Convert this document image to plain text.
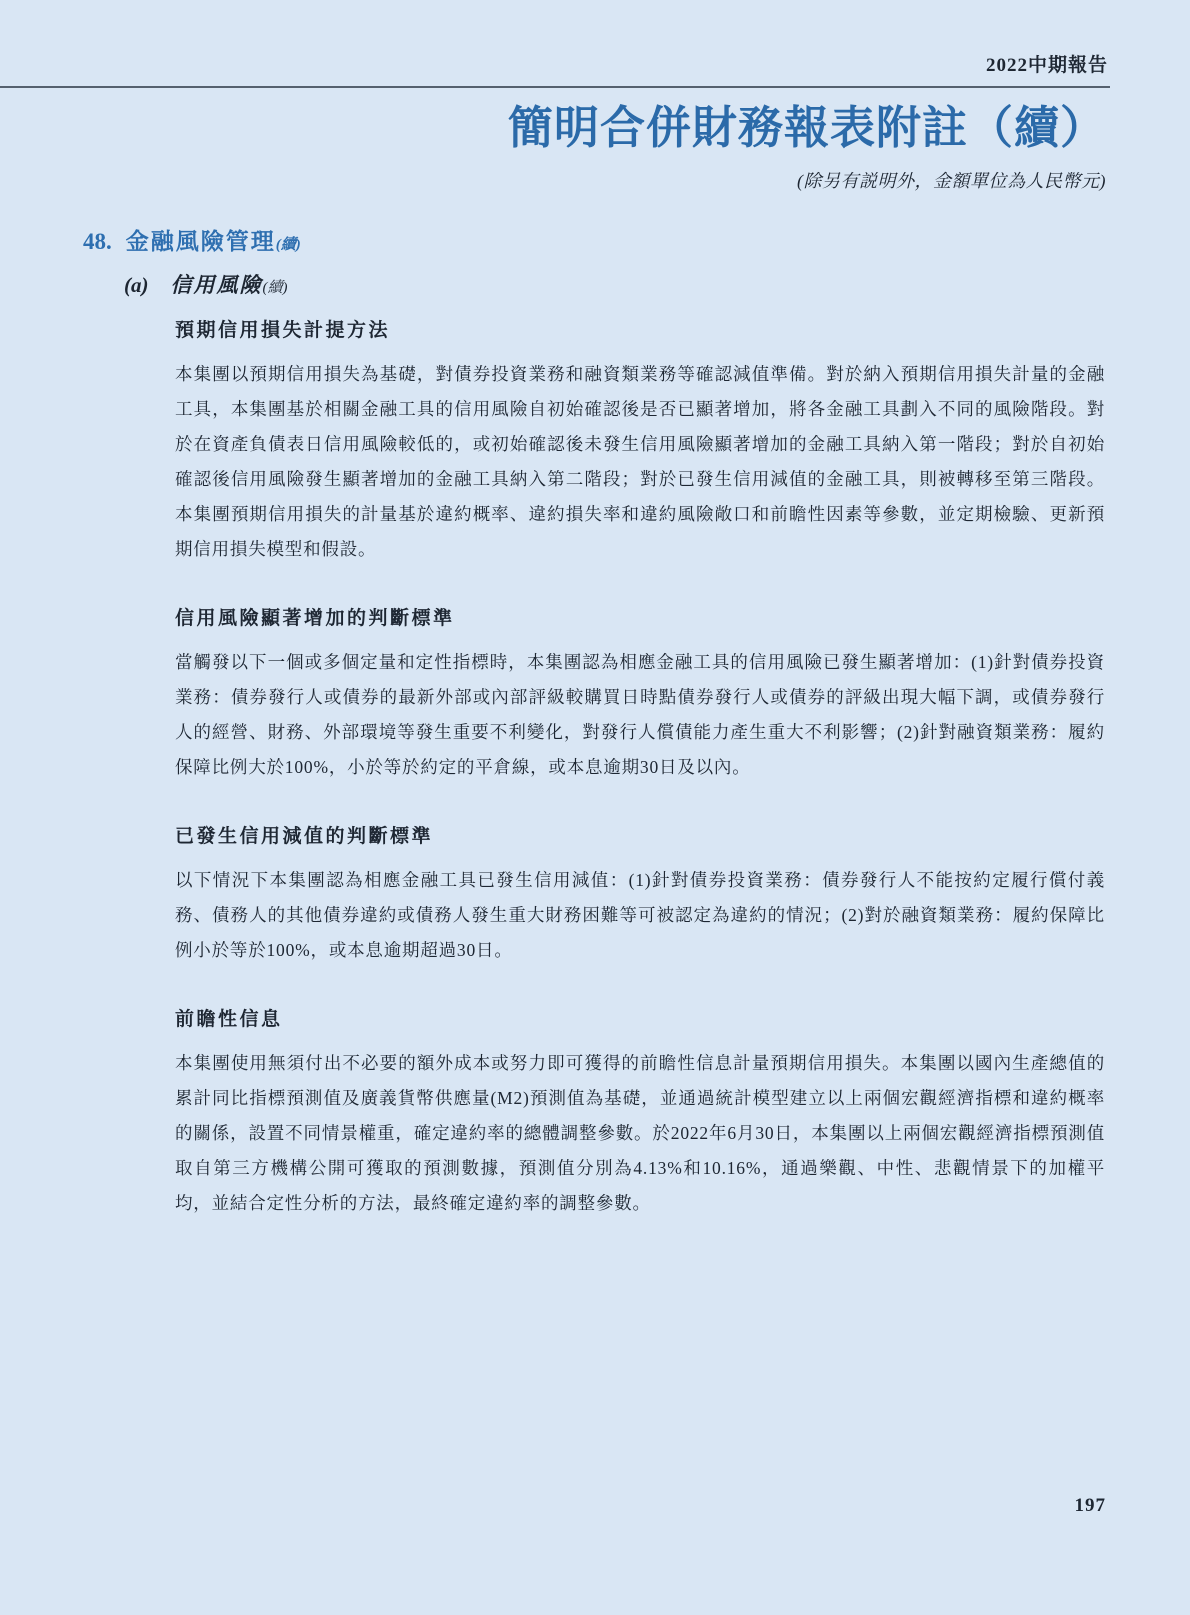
2022中期報告
簡明合併財務報表附註（續）
(除另有説明外，金額單位為人民幣元)
48. 金融風險管理(續)
(a) 信用風險(續)
預期信用損失計提方法
本集團以預期信用損失為基礎，對債券投資業務和融資類業務等確認減值準備。對於納入預期信用損失計量的金融工具，本集團基於相關金融工具的信用風險自初始確認後是否已顯著增加，將各金融工具劃入不同的風險階段。對於在資產負債表日信用風險較低的，或初始確認後未發生信用風險顯著增加的金融工具納入第一階段；對於自初始確認後信用風險發生顯著增加的金融工具納入第二階段；對於已發生信用減值的金融工具，則被轉移至第三階段。本集團預期信用損失的計量基於違約概率、違約損失率和違約風險敞口和前瞻性因素等參數，並定期檢驗、更新預期信用損失模型和假設。
信用風險顯著增加的判斷標準
當觸發以下一個或多個定量和定性指標時，本集團認為相應金融工具的信用風險已發生顯著增加：(1)針對債券投資業務：債券發行人或債券的最新外部或內部評級較購買日時點債券發行人或債券的評級出現大幅下調，或債券發行人的經營、財務、外部環境等發生重要不利變化，對發行人償債能力產生重大不利影響；(2)針對融資類業務：履約保障比例大於100%，小於等於約定的平倉線，或本息逾期30日及以內。
已發生信用減值的判斷標準
以下情況下本集團認為相應金融工具已發生信用減值：(1)針對債券投資業務：債券發行人不能按約定履行償付義務、債務人的其他債券違約或債務人發生重大財務困難等可被認定為違約的情況；(2)對於融資類業務：履約保障比例小於等於100%，或本息逾期超過30日。
前瞻性信息
本集團使用無須付出不必要的額外成本或努力即可獲得的前瞻性信息計量預期信用損失。本集團以國內生產總值的累計同比指標預測值及廣義貨幣供應量(M2)預測值為基礎，並通過統計模型建立以上兩個宏觀經濟指標和違約概率的關係，設置不同情景權重，確定違約率的總體調整參數。於2022年6月30日，本集團以上兩個宏觀經濟指標預測值取自第三方機構公開可獲取的預測數據，預測值分別為4.13%和10.16%，通過樂觀、中性、悲觀情景下的加權平均，並結合定性分析的方法，最終確定違約率的調整參數。
197
